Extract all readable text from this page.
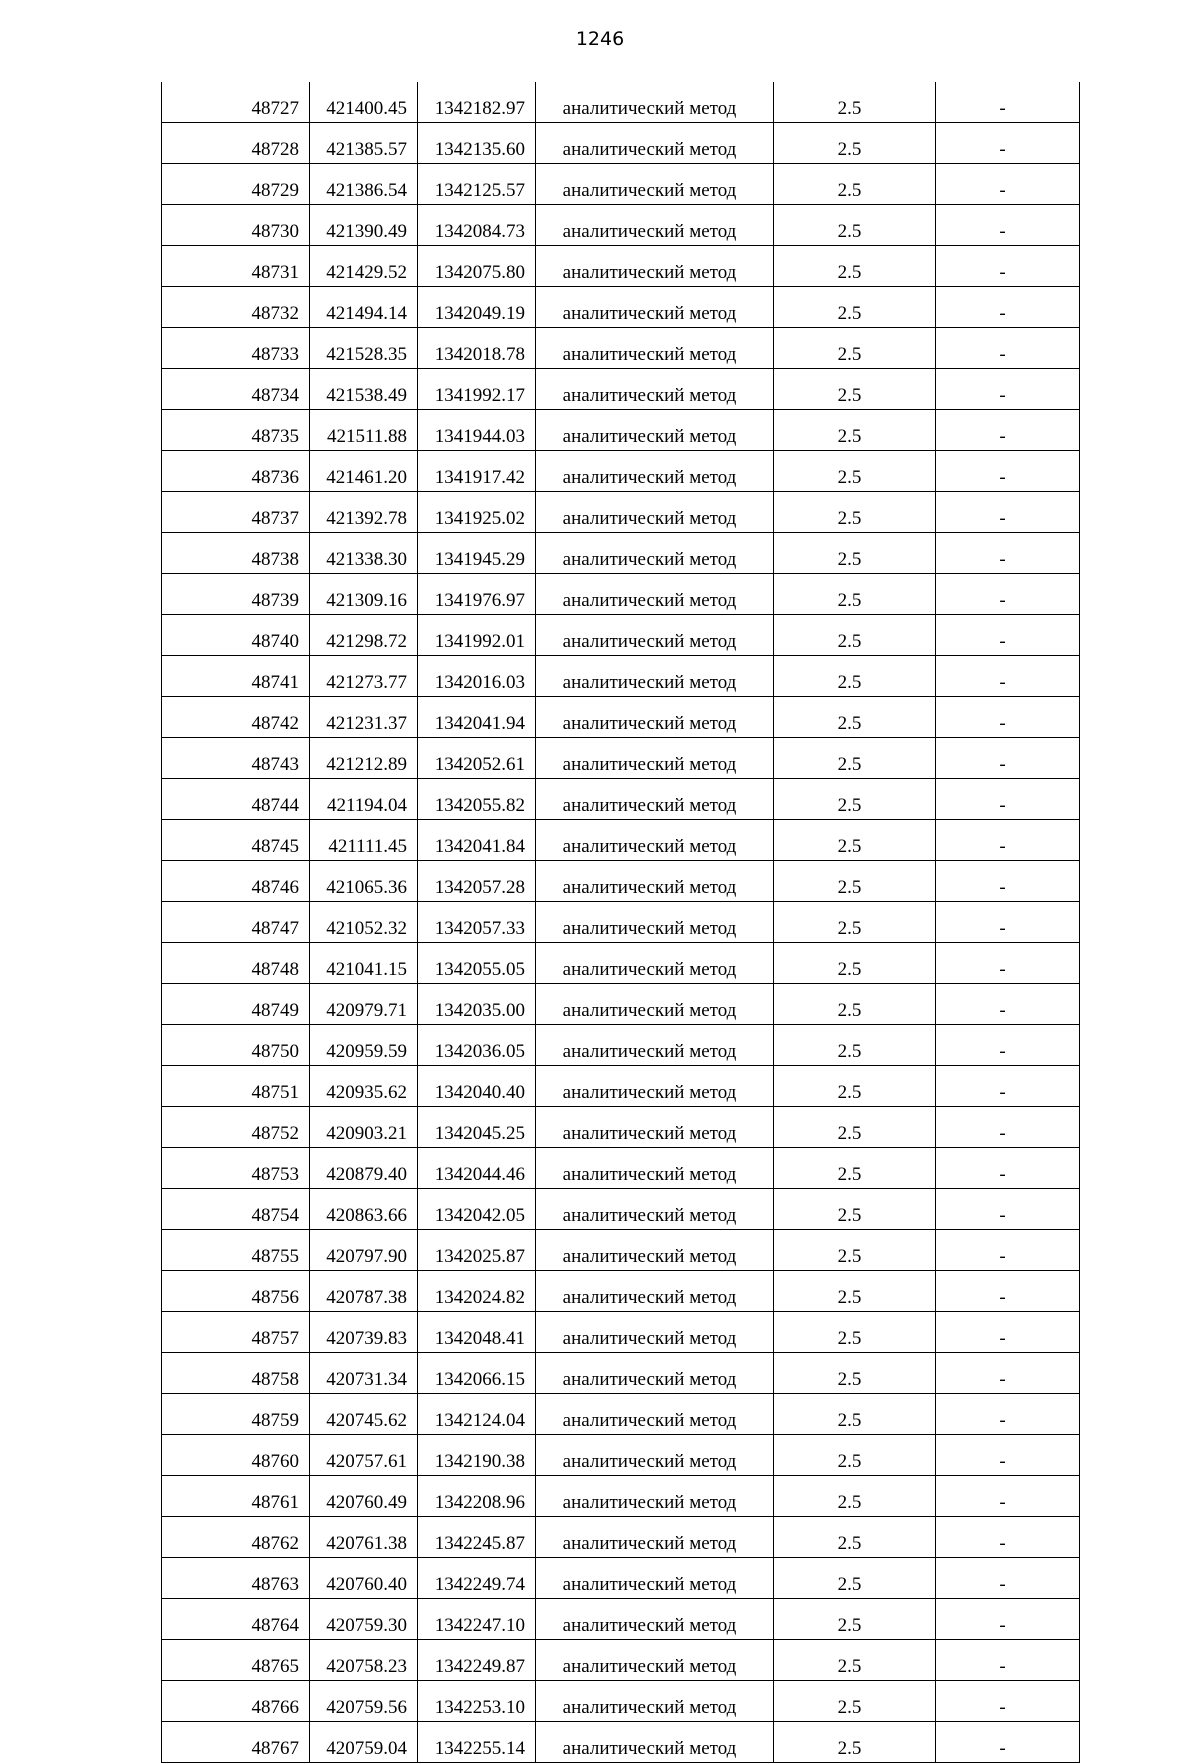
1246
48727	421400.45	1342182.97	аналитический метод	2.5	-
48728	421385.57	1342135.60	аналитический метод	2.5	-
48729	421386.54	1342125.57	аналитический метод	2.5	-
48730	421390.49	1342084.73	аналитический метод	2.5	-
48731	421429.52	1342075.80	аналитический метод	2.5	-
48732	421494.14	1342049.19	аналитический метод	2.5	-
48733	421528.35	1342018.78	аналитический метод	2.5	-
48734	421538.49	1341992.17	аналитический метод	2.5	-
48735	421511.88	1341944.03	аналитический метод	2.5	-
48736	421461.20	1341917.42	аналитический метод	2.5	-
48737	421392.78	1341925.02	аналитический метод	2.5	-
48738	421338.30	1341945.29	аналитический метод	2.5	-
48739	421309.16	1341976.97	аналитический метод	2.5	-
48740	421298.72	1341992.01	аналитический метод	2.5	-
48741	421273.77	1342016.03	аналитический метод	2.5	-
48742	421231.37	1342041.94	аналитический метод	2.5	-
48743	421212.89	1342052.61	аналитический метод	2.5	-
48744	421194.04	1342055.82	аналитический метод	2.5	-
48745	421111.45	1342041.84	аналитический метод	2.5	-
48746	421065.36	1342057.28	аналитический метод	2.5	-
48747	421052.32	1342057.33	аналитический метод	2.5	-
48748	421041.15	1342055.05	аналитический метод	2.5	-
48749	420979.71	1342035.00	аналитический метод	2.5	-
48750	420959.59	1342036.05	аналитический метод	2.5	-
48751	420935.62	1342040.40	аналитический метод	2.5	-
48752	420903.21	1342045.25	аналитический метод	2.5	-
48753	420879.40	1342044.46	аналитический метод	2.5	-
48754	420863.66	1342042.05	аналитический метод	2.5	-
48755	420797.90	1342025.87	аналитический метод	2.5	-
48756	420787.38	1342024.82	аналитический метод	2.5	-
48757	420739.83	1342048.41	аналитический метод	2.5	-
48758	420731.34	1342066.15	аналитический метод	2.5	-
48759	420745.62	1342124.04	аналитический метод	2.5	-
48760	420757.61	1342190.38	аналитический метод	2.5	-
48761	420760.49	1342208.96	аналитический метод	2.5	-
48762	420761.38	1342245.87	аналитический метод	2.5	-
48763	420760.40	1342249.74	аналитический метод	2.5	-
48764	420759.30	1342247.10	аналитический метод	2.5	-
48765	420758.23	1342249.87	аналитический метод	2.5	-
48766	420759.56	1342253.10	аналитический метод	2.5	-
48767	420759.04	1342255.14	аналитический метод	2.5	-
